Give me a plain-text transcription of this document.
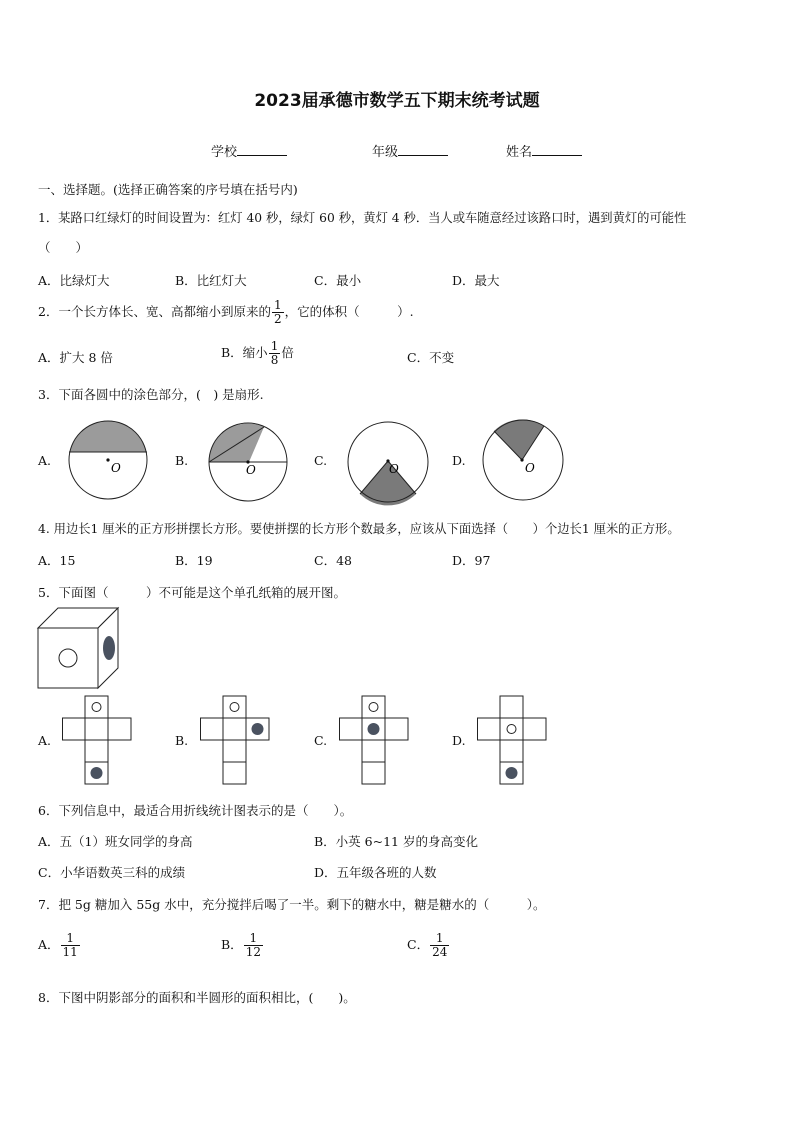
2023届承德市数学五下期末统考试题
学校	年级	姓名
一、选择题。(选择正确答案的序号填在括号内)
1．某路口红绿灯的时间设置为：红灯 40 秒，绿灯 60 秒，黄灯 4 秒．当人或车随意经过该路口时，遇到黄灯的可能性
（　　）
A．比绿灯大	B．比红灯大	C．最小	D．最大
2．一个长方体长、宽、高都缩小到原来的 $\frac{1}{2}$ ，它的体积（　　　）.
A．扩大 8 倍	B．缩小 $\frac{1}{8}$ 倍	C．不变
3．下面各圆中的涂色部分，(　) 是扇形.
A.	B.	C.	D.
O	O	O	O
4. 用边长1 厘米的正方形拼摆长方形。要使拼摆的长方形个数最多，应该从下面选择（　　）个边长1 厘米的正方形。
A．15	B．19	C．48	D．97
5．下面图（　　　）不可能是这个单孔纸箱的展开图。
A.	B.	C.	D.
6．下列信息中，最适合用折线统计图表示的是（　　）。
A．五（1）班女同学的身高	B．小英 6~11 岁的身高变化
C．小华语数英三科的成绩	D．五年级各班的人数
7．把 5g 糖加入 55g 水中，充分搅拌后喝了一半。剩下的糖水中，糖是糖水的（　　　）。
A． $\frac{1}{11}$	B． $\frac{1}{12}$	C． $\frac{1}{24}$
8．下图中阴影部分的面积和半圆形的面积相比，(　　)。
